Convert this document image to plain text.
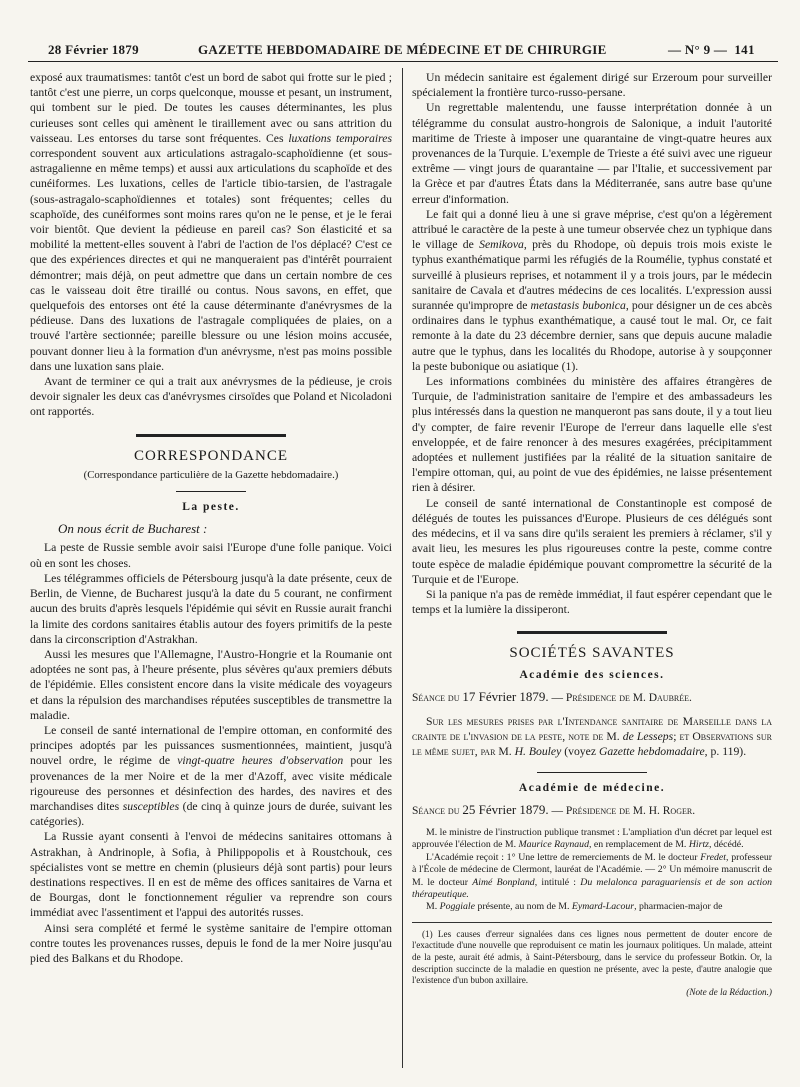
28 Février 1879	GAZETTE HEBDOMADAIRE DE MÉDECINE ET DE CHIRURGIE	— N° 9 — 141

exposé aux traumatismes: tantôt c'est un bord de sabot qui frotte sur le pied ; tantôt c'est une pierre, un corps quelconque, mousse et pesant, un instrument, qui tombent sur le pied. De toutes les causes déterminantes, les plus curieuses sont celles qui amènent le tiraillement avec ou sans attrition du vaisseau. Les entorses du tarse sont fréquentes. Ces luxations temporaires correspondent souvent aux articulations astragalo-scaphoïdienne (et sous-astragalienne en même temps) et aussi aux articulations du scaphoïde et des cunéiformes. Les luxations, celles de l'article tibio-tarsien, de l'astragale (sous-astragalo-scaphoïdiennes et totales) sont fréquentes; celles du scaphoïde, des cunéiformes sont moins rares qu'on ne le pense, et je le ferai voir bientôt. Que devient la pédieuse en pareil cas? Son élasticité et sa mobilité la mettent-elles souvent à l'abri de l'action de l'os déplacé? C'est ce que des expériences directes et qui ne manqueraient pas d'intérêt pourraient démontrer; mais déjà, on peut admettre que dans un certain nombre de ces cas le vaisseau doit être tiraillé ou contus. Nous savons, en effet, que quelquefois des entorses ont été la cause déterminante d'anévrysmes de la pédieuse. Dans des luxations de l'astragale compliquées de plaies, on a trouvé l'artère sectionnée; pareille blessure ou une lésion moins accusée, pouvant donner lieu à la formation d'un anévrysme, n'est pas moins possible dans une luxation sans plaie.

Avant de terminer ce qui a trait aux anévrysmes de la pédieuse, je crois devoir signaler les deux cas d'anévrysmes cirsoïdes que Poland et Nicoladoni ont rapportés.

CORRESPONDANCE

(Correspondance particulière de la Gazette hebdomadaire.)

La peste.

On nous écrit de Bucharest :

La peste de Russie semble avoir saisi l'Europe d'une folle panique. Voici où en sont les choses.

Les télégrammes officiels de Pétersbourg jusqu'à la date présente, ceux de Berlin, de Vienne, de Bucharest jusqu'à la date du 5 courant, ne confirment aucun des bruits d'après lesquels l'épidémie qui sévit en Russie aurait franchi la limite des cordons sanitaires établis autour des foyers primitifs de la peste dans la circonscription d'Astrakhan.

Aussi les mesures que l'Allemagne, l'Austro-Hongrie et la Roumanie ont adoptées ne sont pas, à l'heure présente, plus sévères qu'aux premiers débuts de l'épidémie. Elles consistent encore dans la visite médicale des voyageurs et dans la répulsion des marchandises réputées susceptibles de transmettre la maladie.

Le conseil de santé international de l'empire ottoman, en conformité des principes adoptés par les puissances susmentionnées, maintient, jusqu'à nouvel ordre, le régime de vingt-quatre heures d'observation pour les provenances de la mer Noire et de la mer d'Azoff, avec visite médicale rigoureuse des personnes et désinfection des hardes, des navires et des marchandises dites susceptibles (de cinq à quinze jours de durée, suivant les catégories).

La Russie ayant consenti à l'envoi de médecins sanitaires ottomans à Astrakhan, à Andrinople, à Sofia, à Philippopolis et à Roustchouk, ces spécialistes vont se mettre en chemin (plusieurs déjà sont partis) pour leurs destinations respectives. Il en est de même des offices sanitaires de Varna et de Bourgas, dont le fonctionnement régulier va reprendre son cours immédiat avec l'assentiment et l'appui des autorités russes.

Ainsi sera complété et fermé le système sanitaire de l'empire ottoman contre toutes les provenances russes, depuis le fond de la mer Noire jusqu'au pied des Balkans et du Rhodope.

Un médecin sanitaire est également dirigé sur Erzeroum pour surveiller spécialement la frontière turco-russo-persane.

Un regrettable malentendu, une fausse interprétation donnée à un télégramme du consulat austro-hongrois de Salonique, a induit l'autorité maritime de Trieste à imposer une quarantaine de vingt-quatre heures aux provenances de la Turquie. L'exemple de Trieste a été suivi avec une rigueur extrême — vingt jours de quarantaine — par l'Italie, et successivement par la Grèce et par d'autres États dans la Méditerranée, sans autre base qu'une erreur d'information.

Le fait qui a donné lieu à une si grave méprise, c'est qu'on a légèrement attribué le caractère de la peste à une tumeur observée chez un typhique dans le village de Semikova, près du Rhodope, où depuis trois mois existe le typhus exanthématique parmi les réfugiés de la Roumélie, typhus constaté et surveillé à plusieurs reprises, et notamment il y a trois jours, par le médecin sanitaire de Cavala et d'autres médecins de ces localités. L'expression aussi surannée qu'impropre de metastasis bubonica, pour désigner un de ces abcès ordinaires dans le typhus exanthématique, a causé tout le mal. Or, ce fait remonte à la date du 23 décembre dernier, sans que depuis aucune maladie autre que le typhus, dans les localités du Rhodope, autorise à y soupçonner la peste bubonique ou asiatique (1).

Les informations combinées du ministère des affaires étrangères de Turquie, de l'administration sanitaire de l'empire et des ambassadeurs les plus intéressés dans la question ne manqueront pas sans doute, il y a tout lieu d'y compter, de faire revenir l'Europe de l'erreur dans laquelle elle s'est enveloppée, et de faire renoncer à des mesures exagérées, précipitamment adoptées et nullement justifiées par la réalité de la situation sanitaire de l'empire ottoman, qui, au point de vue des épidémies, ne laisse présentement rien à désirer.

Le conseil de santé international de Constantinople est composé de délégués de toutes les puissances d'Europe. Plusieurs de ces délégués sont des médecins, et il va sans dire qu'ils seraient les premiers à réclamer, s'il y avait lieu, les mesures les plus rigoureuses contre la peste, comme contre toute espèce de maladie épidémique pouvant compromettre la sécurité de la Turquie et de l'Europe.

Si la panique n'a pas de remède immédiat, il faut espérer cependant que le temps et la lumière la dissiperont.

SOCIÉTÉS SAVANTES

Académie des sciences.

Séance du 17 Février 1879. — Présidence de M. Daubrée.

Sur les mesures prises par l'Intendance sanitaire de Marseille dans la crainte de l'invasion de la peste, note de M. de Lesseps; et Observations sur le même sujet, par M. H. Bouley (voyez Gazette hebdomadaire, p. 119).

Académie de médecine.

Séance du 25 Février 1879. — Présidence de M. H. Roger.

M. le ministre de l'instruction publique transmet : L'ampliation d'un décret par lequel est approuvée l'élection de M. Maurice Raynaud, en remplacement de M. Hirtz, décédé.

L'Académie reçoit : 1° Une lettre de remerciements de M. le docteur Fredet, professeur à l'École de médecine de Clermont, lauréat de l'Académie. — 2° Un mémoire manuscrit de M. le docteur Aimé Bonpland, intitulé : Du melalonca paraguariensis et de son action thérapeutique.

M. Poggiale présente, au nom de M. Eymard-Lacour, pharmacien-major de

(1) Les causes d'erreur signalées dans ces lignes nous permettent de douter encore de l'exactitude d'une nouvelle que reproduisent ce matin les journaux politiques. Un malade, atteint de la peste, aurait été admis, à Saint-Pétersbourg, dans le service du professeur Botkin. Or, la description succincte de la maladie en question ne présente, avec la peste, d'autre analogie que l'existence d'un bubon axillaire.

(Note de la Rédaction.)
